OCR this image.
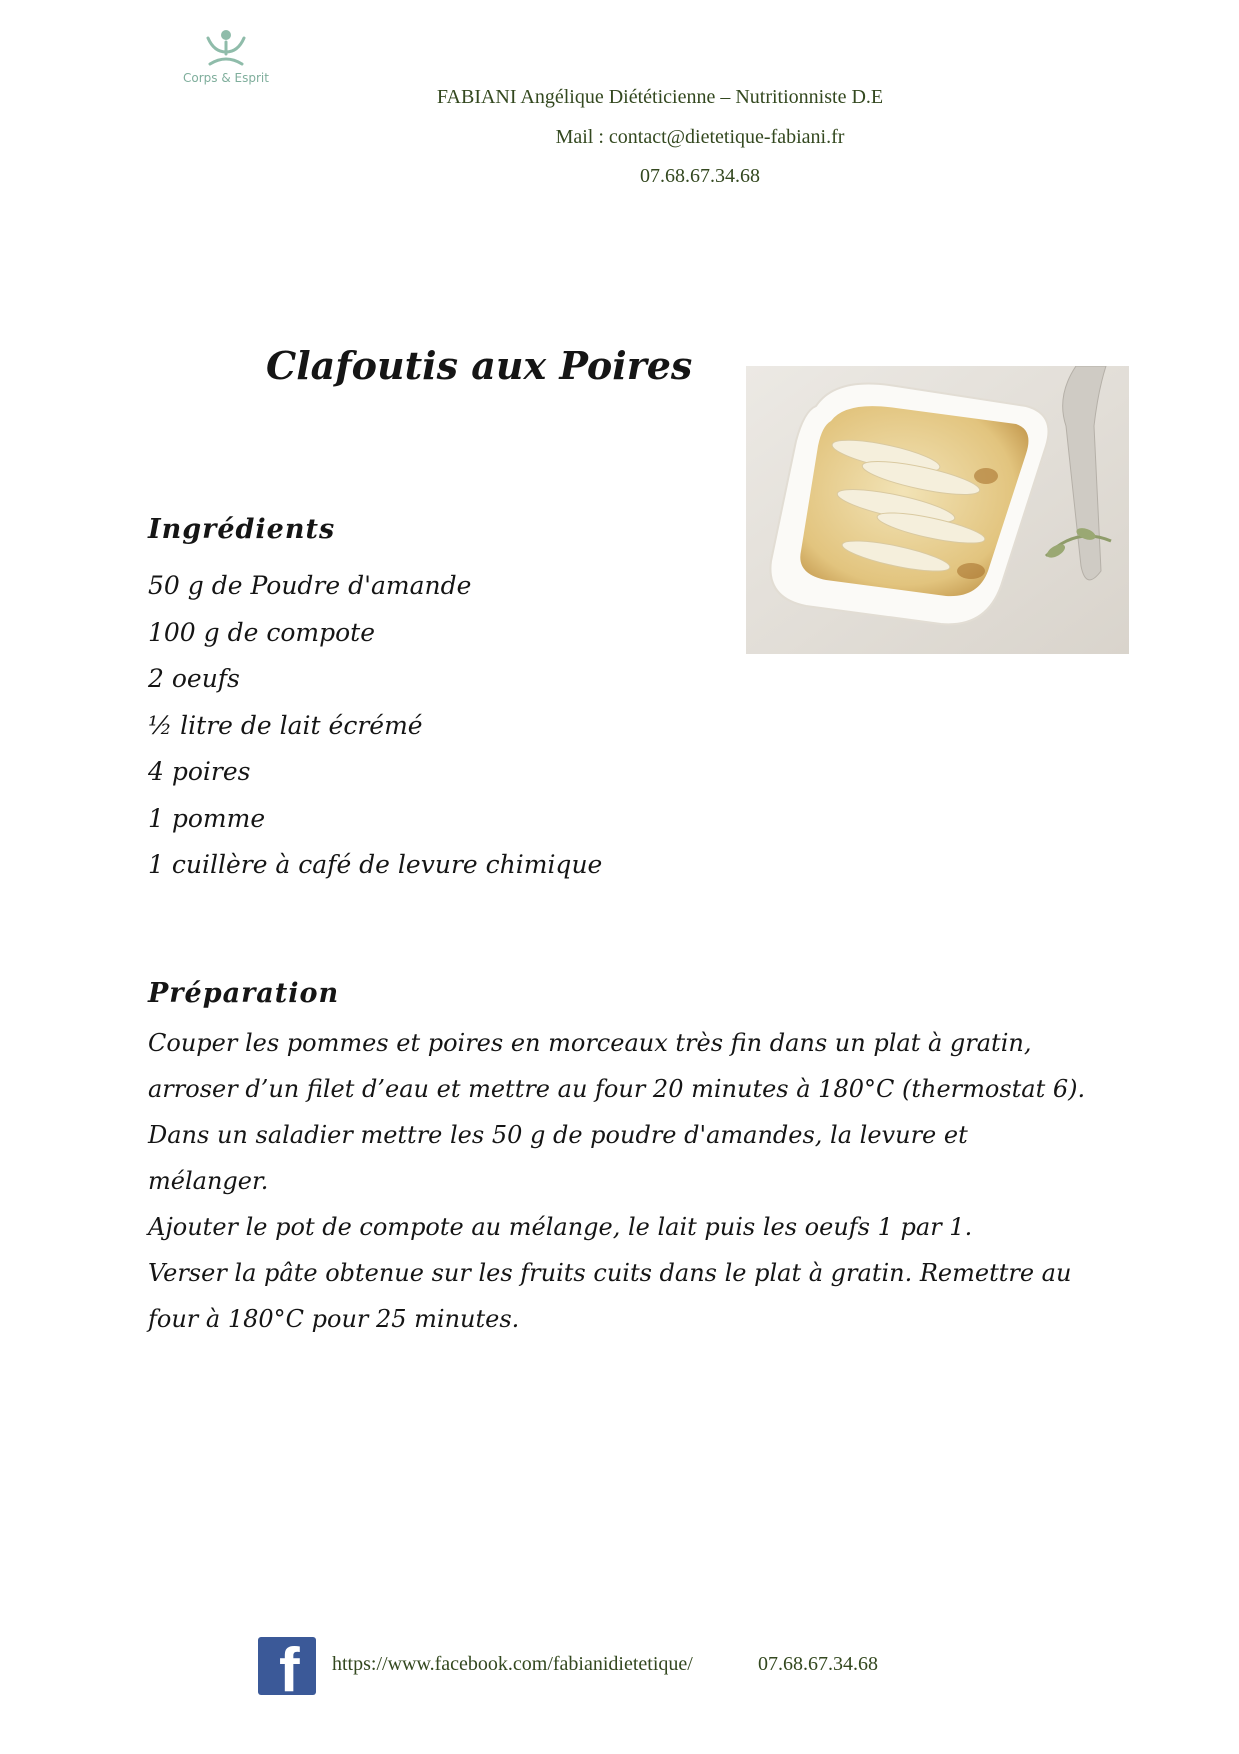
Corps & Esprit
FABIANI Angélique Diététicienne – Nutritionniste D.E
Mail : contact@dietetique-fabiani.fr
07.68.67.34.68
Clafoutis aux Poires
Ingrédients
50 g de Poudre d'amande
100 g de compote
2 oeufs
½ litre de lait écrémé
4 poires
1 pomme
1 cuillère à café de levure chimique
Préparation

Couper les pommes et poires en morceaux très fin dans un plat à gratin, arroser d’un filet d’eau et mettre au four 20 minutes à 180°C (thermostat 6).

Dans un saladier mettre les 50 g de poudre d'amandes, la levure et mélanger.

Ajouter le pot de compote au mélange, le lait puis les oeufs 1 par 1.

Verser la pâte obtenue sur les fruits cuits dans le plat à gratin. Remettre au four à 180°C pour 25 minutes.

f https://www.facebook.com/fabianidietetique/	07.68.67.34.68
